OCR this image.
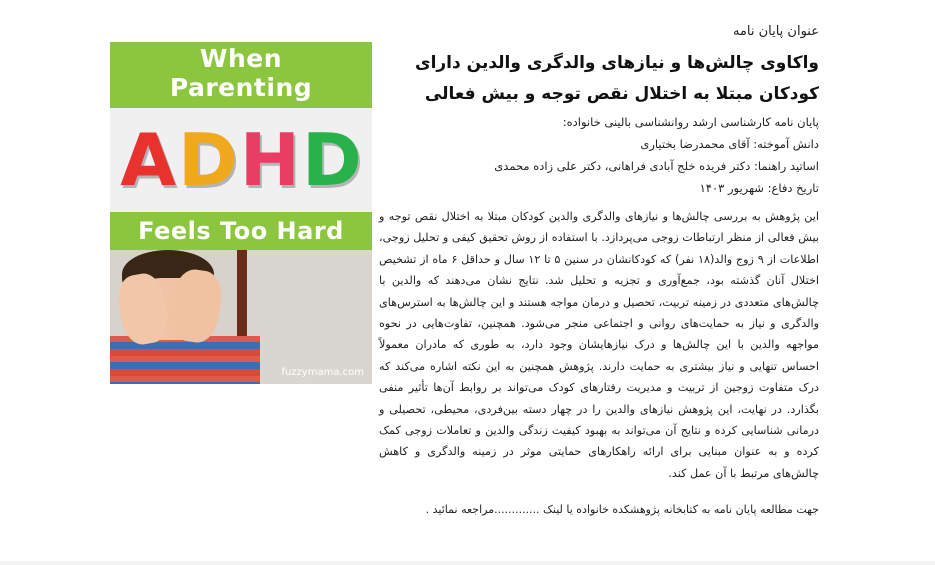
When
Parenting
A D H D
Feels Too Hard
fuzzymama.com
عنوان پایان نامه
واکاوی چالش‌ها و نیازهای والدگری والدین دارای کودکان مبتلا به اختلال نقص توجه و بیش فعالی
پایان نامه کارشناسی ارشد روانشناسی بالینی خانواده:
دانش آموخته: آقای محمدرضا بختیاری
اساتید راهنما: دکتر فریده خلج آبادی فراهانی، دکتر علی زاده محمدی
تاریخ دفاع: شهریور ۱۴۰۳
این پژوهش به بررسی چالش‌ها و نیازهای والدگری والدین کودکان مبتلا به اختلال نقص توجه و بیش فعالی از منظر ارتباطات زوجی می‌پردازد. با استفاده از روش تحقیق کیفی و تحلیل زوجی، اطلاعات از ۹ زوج والد(۱۸ نفر) که کودکانشان در سنین ۵ تا ۱۲ سال و حداقل ۶ ماه از تشخیص اختلال آنان گذشته بود، جمع‌آوری و تجزیه و تحلیل شد. نتایج نشان می‌دهند که والدین با چالش‌های متعددی در زمینه تربیت، تحصیل و درمان مواجه هستند و این چالش‌ها به استرس‌های والدگری و نیاز به حمایت‌های روانی و اجتماعی منجر می‌شود. همچنین، تفاوت‌هایی در نحوه مواجهه والدین با این چالش‌ها و درک نیازهایشان وجود دارد، به طوری که مادران معمولاً احساس تنهایی و نیاز بیشتری به حمایت دارند. پژوهش همچنین به این نکته اشاره می‌کند که درک متفاوت زوجین از تربیت و مدیریت رفتارهای کودک می‌تواند بر روابط آن‌ها تأثیر منفی بگذارد. در نهایت، این پژوهش نیازهای والدین را در چهار دسته بین‌فردی، محیطی، تحصیلی و درمانی شناسایی کرده و نتایج آن می‌تواند به بهبود کیفیت زندگی والدین و تعاملات زوجی کمک کرده و به عنوان مبنایی برای ارائه راهکارهای حمایتی موثر در زمینه والدگری و کاهش چالش‌های مرتبط با آن عمل کند.
جهت مطالعه پایان نامه به کتابخانه پژوهشکده خانواده یا لینک .............مراجعه نمائید .
